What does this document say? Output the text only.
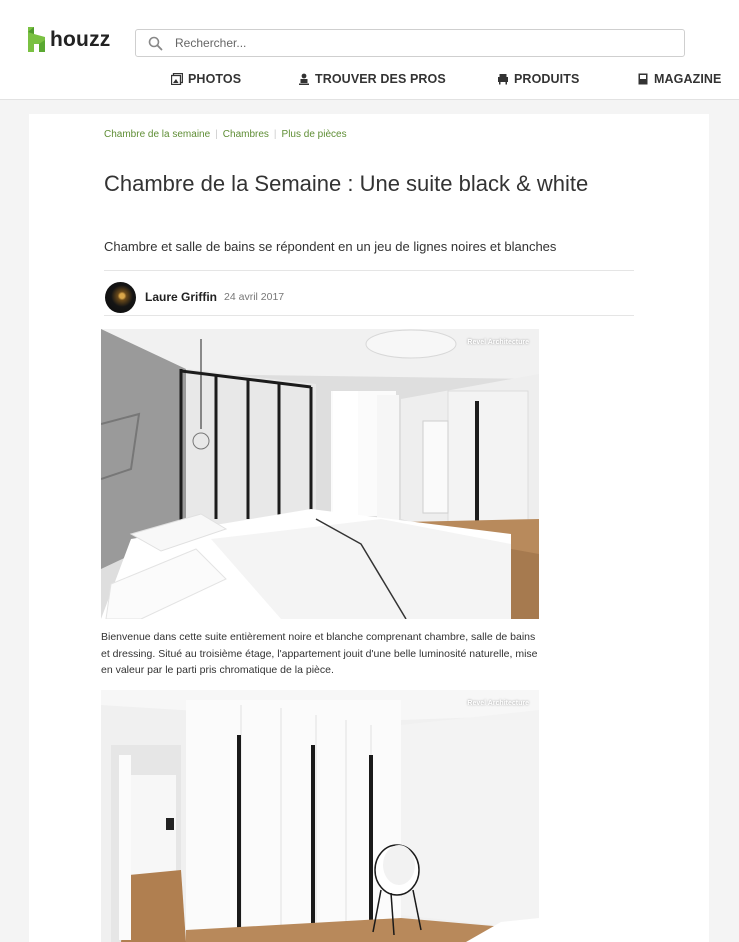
houzz
Rechercher...
PHOTOS	TROUVER DES PROS	PRODUITS	MAGAZINE
Chambre de la semaine | Chambres | Plus de pièces
Chambre de la Semaine : Une suite black & white

Chambre et salle de bains se répondent en un jeu de lignes noires et blanches

Laure Griffin 24 avril 2017
Revel Architecture

Bienvenue dans cette suite entièrement noire et blanche comprenant chambre, salle de bains et dressing. Situé au troisième étage, l'appartement jouit d'une belle luminosité naturelle, mise en valeur par le parti pris chromatique de la pièce.

Revel Architecture
